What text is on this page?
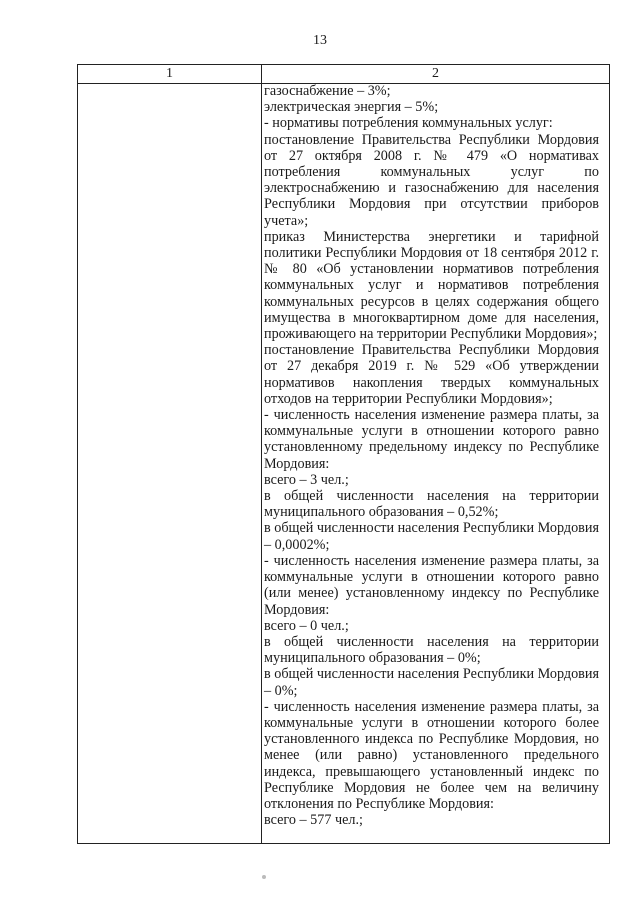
13
1	2
газоснабжение – 3%;
электрическая энергия – 5%;
- нормативы потребления коммунальных услуг:
постановление Правительства Республики Мордовия от 27 октября 2008 г. № 479 «О нормативах потребления коммунальных услуг по электроснабжению и газоснабжению для населения Республики Мордовия при отсутствии приборов учета»;
приказ Министерства энергетики и тарифной политики Республики Мордовия от 18 сентября 2012 г. № 80 «Об установлении нормативов потребления коммунальных услуг и нормативов потребления коммунальных ресурсов в целях содержания общего имущества в многоквартирном доме для населения, проживающего на территории Республики Мордовия»;
постановление Правительства Республики Мордовия от 27 декабря 2019 г. № 529 «Об утверждении нормативов накопления твердых коммунальных отходов на территории Республики Мордовия»;
- численность населения изменение размера платы, за коммунальные услуги в отношении которого равно установленному предельному индексу по Республике Мордовия:
всего – 3 чел.;
в общей численности населения на территории муниципального образования – 0,52%;
в общей численности населения Республики Мордовия – 0,0002%;
- численность населения изменение размера платы, за коммунальные услуги в отношении которого равно (или менее) установленному индексу по Республике Мордовия:
всего – 0 чел.;
в общей численности населения на территории муниципального образования – 0%;
в общей численности населения Республики Мордовия – 0%;
- численность населения изменение размера платы, за коммунальные услуги в отношении которого более установленного индекса по Республике Мордовия, но менее (или равно) установленного предельного индекса, превышающего установленный индекс по Республике Мордовия не более чем на величину отклонения по Республике Мордовия:
всего – 577 чел.;
